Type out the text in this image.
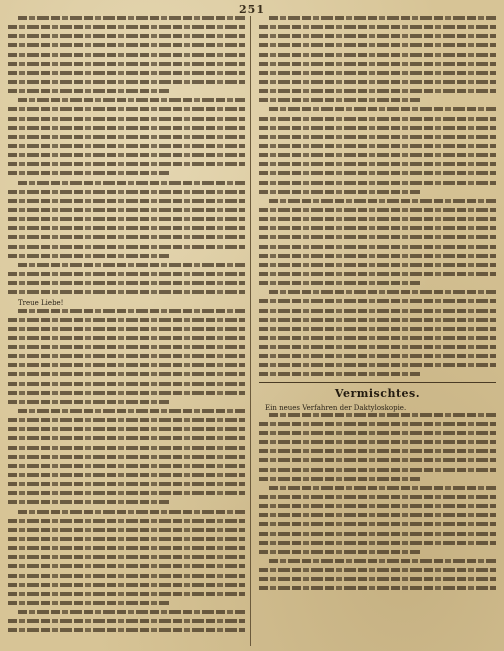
251
Treue Liebe!
Vermischtes.
Ein neues Verfahren der Daktyloskopie.
